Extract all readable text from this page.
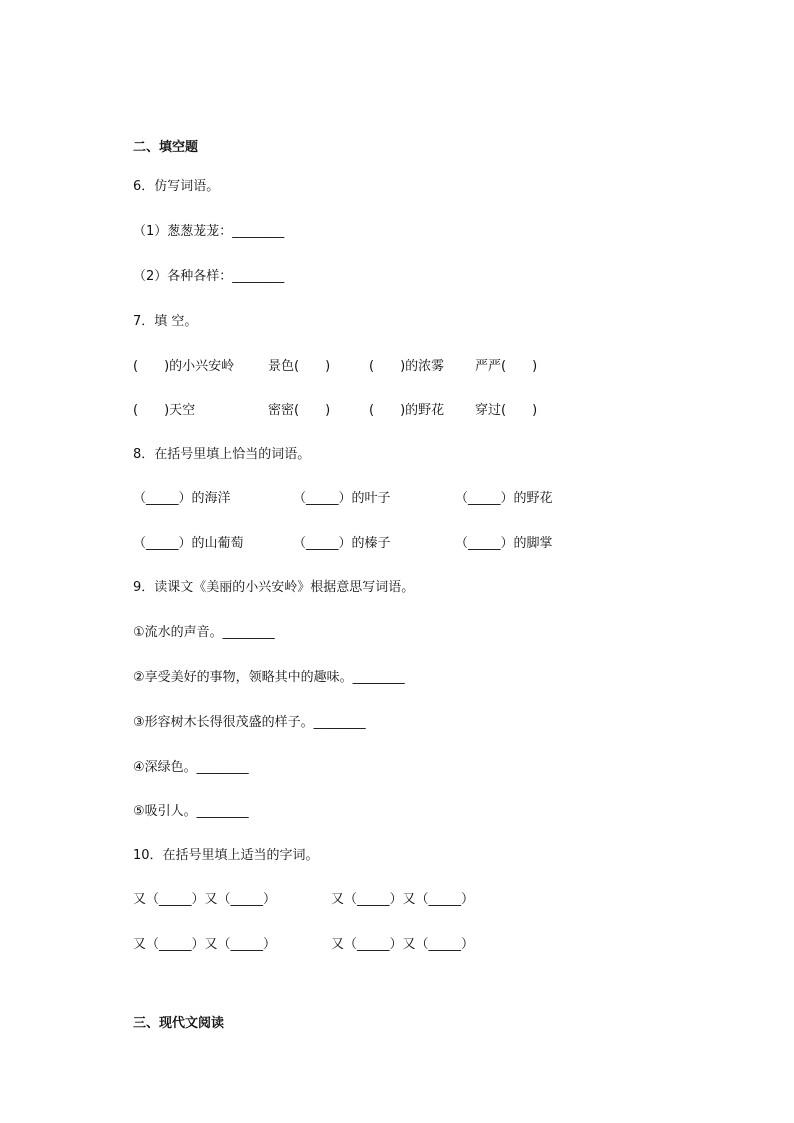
二、填空题
6．仿写词语。
（1）葱葱茏茏：________
（2）各种各样：________
7．填 空。
(　　)的小兴安岭	景色(　　)	(　　)的浓雾 严严(　　)
(　　)天空	密密(　　)	(　　)的野花 穿过(　　)
8．在括号里填上恰当的词语。
（_____）的海洋	（_____）的叶子	（_____）的野花
（_____）的山葡萄	（_____）的榛子	（_____）的脚掌
9．读课文《美丽的小兴安岭》根据意思写词语。
①流水的声音。________
②享受美好的事物，领略其中的趣味。________
③形容树木长得很茂盛的样子。________
④深绿色。________
⑤吸引人。________
10．在括号里填上适当的字词。
又（_____）又（_____）	又（_____）又（_____）
又（_____）又（_____）	又（_____）又（_____）
三、现代文阅读
